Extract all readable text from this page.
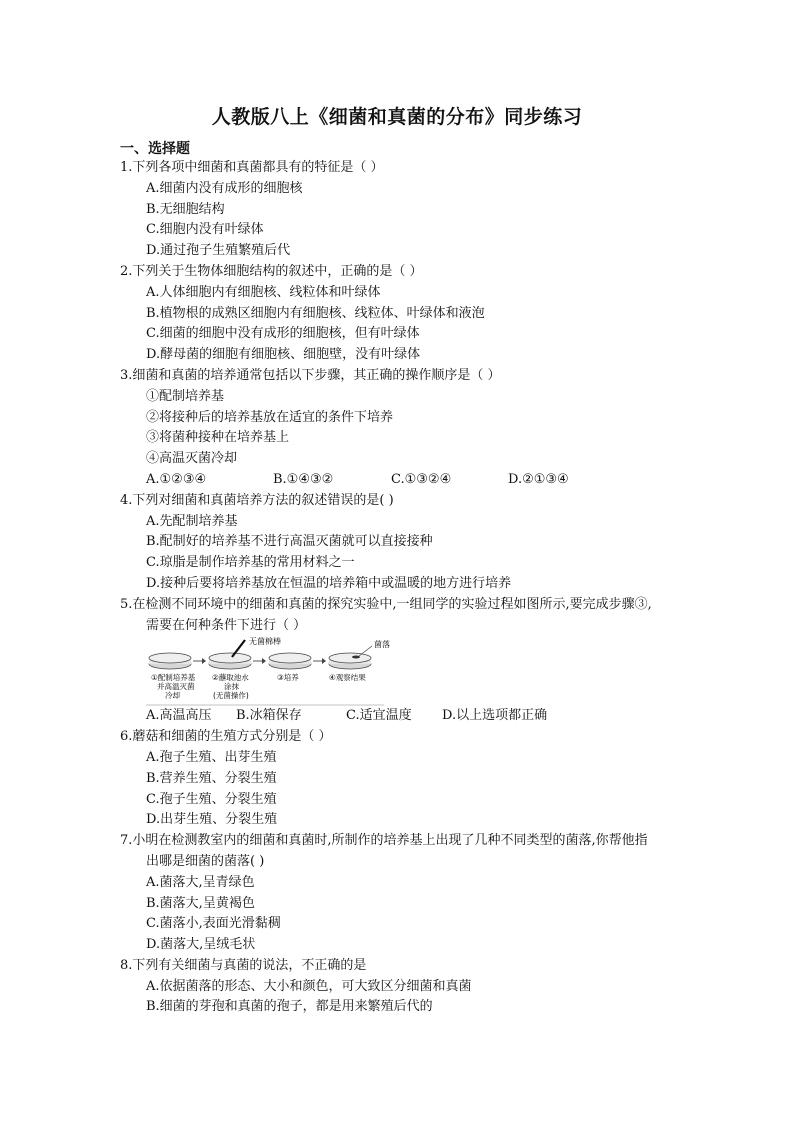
人教版八上《细菌和真菌的分布》同步练习
一、选择题
1.下列各项中细菌和真菌都具有的特征是（ ）
A.细菌内没有成形的细胞核
B.无细胞结构
C.细胞内没有叶绿体
D.通过孢子生殖繁殖后代
2.下列关于生物体细胞结构的叙述中，正确的是（ ）
A.人体细胞内有细胞核、线粒体和叶绿体
B.植物根的成熟区细胞内有细胞核、线粒体、叶绿体和液泡
C.细菌的细胞中没有成形的细胞核，但有叶绿体
D.酵母菌的细胞有细胞核、细胞壁，没有叶绿体
3.细菌和真菌的培养通常包括以下步骤，其正确的操作顺序是（ ）
①配制培养基
②将接种后的培养基放在适宜的条件下培养
③将菌种接种在培养基上
④高温灭菌冷却
A.①②③④	B.①④③②	C.①③②④	D.②①③④
4.下列对细菌和真菌培养方法的叙述错误的是( )
A.先配制培养基
B.配制好的培养基不进行高温灭菌就可以直接接种
C.琼脂是制作培养基的常用材料之一
D.接种后要将培养基放在恒温的培养箱中或温暖的地方进行培养
5.在检测不同环境中的细菌和真菌的探究实验中,一组同学的实验过程如图所示,要完成步骤③,
需要在何种条件下进行（ ）
无菌棉棒	菌落
①配制培养基
并高温灭菌
冷却
②蘸取池水
涂抹
(无菌操作)
③培养	④观察结果
A.高温高压	B.冰箱保存	C.适宜温度	D.以上选项都正确
6.蘑菇和细菌的生殖方式分别是（ ）
A.孢子生殖、出芽生殖
B.营养生殖、分裂生殖
C.孢子生殖、分裂生殖
D.出芽生殖、分裂生殖
7.小明在检测教室内的细菌和真菌时,所制作的培养基上出现了几种不同类型的菌落,你帮他指
出哪是细菌的菌落( )
A.菌落大,呈青绿色
B.菌落大,呈黄褐色
C.菌落小,表面光滑黏稠
D.菌落大,呈绒毛状
8.下列有关细菌与真菌的说法，不正确的是
A.依据菌落的形态、大小和颜色，可大致区分细菌和真菌
B.细菌的芽孢和真菌的孢子，都是用来繁殖后代的
